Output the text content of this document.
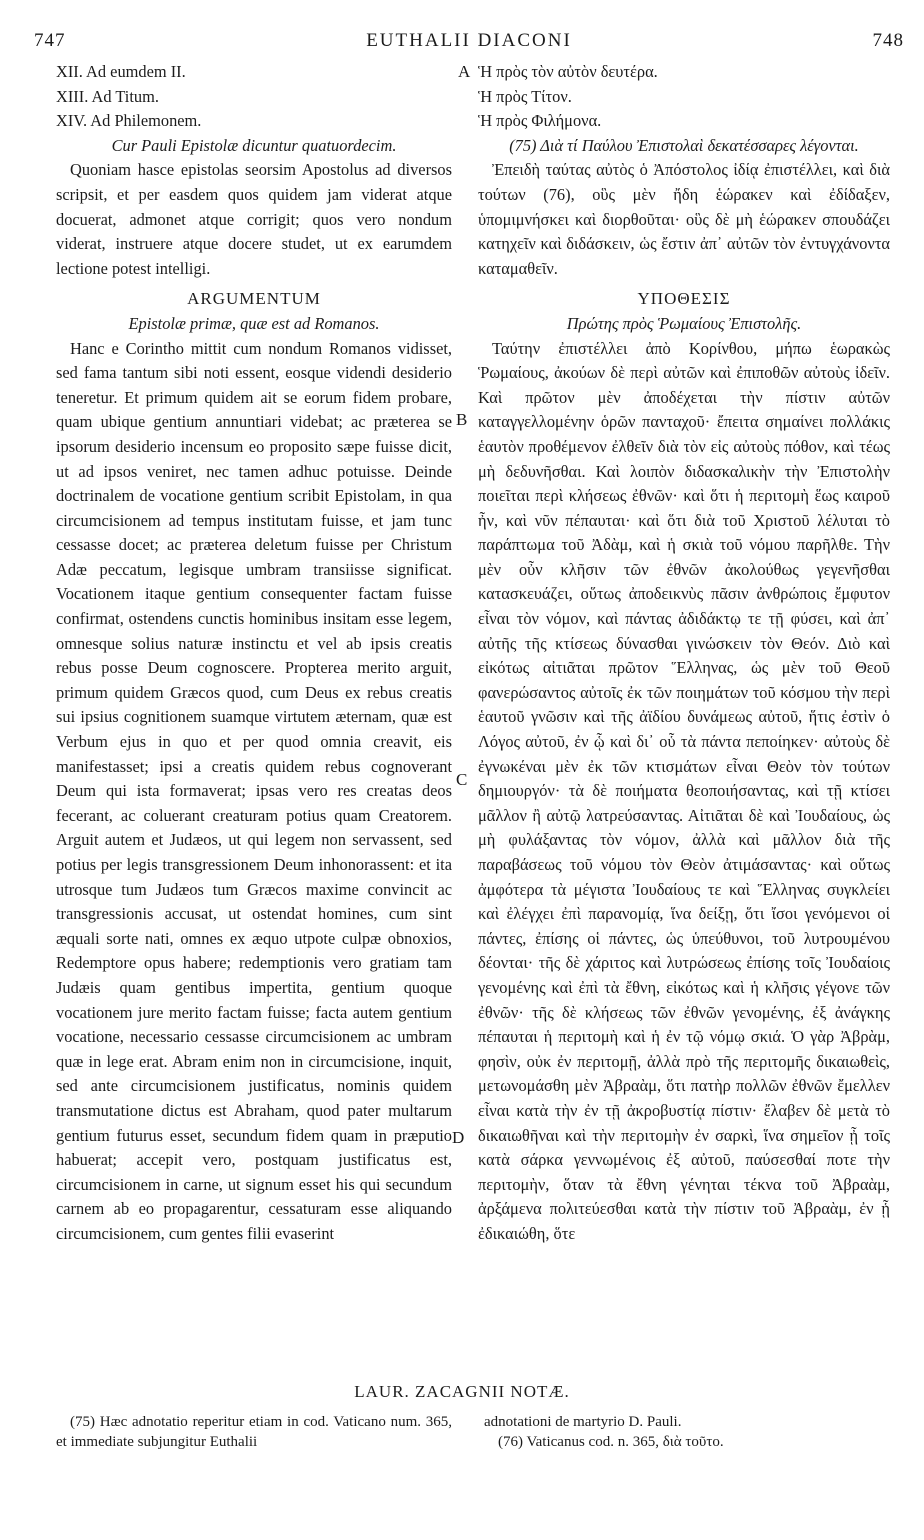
747	EUTHALII DIACONI	748
A
B
C
D
XII. Ad eumdem II.
XIII. Ad Titum.
XIV. Ad Philemonem.

Cur Pauli Epistolæ dicuntur quatuordecim.

Quoniam hasce epistolas seorsim Apostolus ad diversos scripsit, et per easdem quos quidem jam viderat atque docuerat, admonet atque corrigit; quos vero nondum viderat, instruere atque docere studet, ut ex earumdem lectione potest intelligi.

ARGUMENTUM

Epistolæ primæ, quæ est ad Romanos.

Hanc e Corintho mittit cum nondum Romanos vidisset, sed fama tantum sibi noti essent, eosque videndi desiderio teneretur. Et primum quidem ait se eorum fidem probare, quam ubique gentium annuntiari videbat; ac præterea se ipsorum desiderio incensum eo proposito sæpe fuisse dicit, ut ad ipsos veniret, nec tamen adhuc potuisse. Deinde doctrinalem de vocatione gentium scribit Epistolam, in qua circumcisionem ad tempus institutam fuisse, et jam tunc cessasse docet; ac præterea deletum fuisse per Christum Adæ peccatum, legisque umbram transiisse significat. Vocationem itaque gentium consequenter factam fuisse confirmat, ostendens cunctis hominibus insitam esse legem, omnesque solius naturæ instinctu et vel ab ipsis creatis rebus posse Deum cognoscere. Propterea merito arguit, primum quidem Græcos quod, cum Deus ex rebus creatis sui ipsius cognitionem suamque virtutem æternam, quæ est Verbum ejus in quo et per quod omnia creavit, eis manifestasset; ipsi a creatis quidem rebus cognoverant Deum qui ista formaverat; ipsas vero res creatas deos fecerant, ac coluerant creaturam potius quam Creatorem. Arguit autem et Judæos, ut qui legem non servassent, sed potius per legis transgressionem Deum inhonorassent: et ita utrosque tum Judæos tum Græcos maxime convincit ac transgressionis accusat, ut ostendat homines, cum sint æquali sorte nati, omnes ex æquo utpote culpæ obnoxios, Redemptore opus habere; redemptionis vero gratiam tam Judæis quam gentibus impertita, gentium quoque vocationem jure merito factam fuisse; facta autem gentium vocatione, necessario cessasse circumcisionem ac umbram quæ in lege erat. Abram enim non in circumcisione, inquit, sed ante circumcisionem justificatus, nominis quidem transmutatione dictus est Abraham, quod pater multarum gentium futurus esset, secundum fidem quam in præputio habuerat; accepit vero, postquam justificatus est, circumcisionem in carne, ut signum esset his qui secundum carnem ab eo propagarentur, cessaturam esse aliquando circumcisionem, cum gentes filii evaserint

Ἡ πρὸς τὸν αὐτὸν δευτέρα.
Ἡ πρὸς Τίτον.
Ἡ πρὸς Φιλήμονα.

(75) Διὰ τί Παύλου Ἐπιστολαὶ δεκατέσσαρες λέγονται.

Ἐπειδὴ ταύτας αὐτὸς ὁ Ἀπόστολος ἰδίᾳ ἐπιστέλλει, καὶ διὰ τούτων (76), οὓς μὲν ἤδη ἑώρακεν καὶ ἐδίδαξεν, ὑπομιμνήσκει καὶ διορθοῦται· οὓς δὲ μὴ ἑώρακεν σπουδάζει κατηχεῖν καὶ διδάσκειν, ὡς ἔστιν ἀπ᾿ αὐτῶν τὸν ἐντυγχάνοντα καταμαθεῖν.

ΥΠΟΘΕΣΙΣ

Πρώτης πρὸς Ῥωμαίους Ἐπιστολῆς.

Ταύτην ἐπιστέλλει ἀπὸ Κορίνθου, μήπω ἑωρακὼς Ῥωμαίους, ἀκούων δὲ περὶ αὐτῶν καὶ ἐπιποθῶν αὐτοὺς ἰδεῖν. Καὶ πρῶτον μὲν ἀποδέχεται τὴν πίστιν αὐτῶν καταγγελλομένην ὁρῶν πανταχοῦ· ἔπειτα σημαίνει πολλάκις ἑαυτὸν προθέμενον ἐλθεῖν διὰ τὸν εἰς αὐτοὺς πόθον, καὶ τέως μὴ δεδυνῆσθαι. Καὶ λοιπὸν διδασκαλικὴν τὴν Ἐπιστολὴν ποιεῖται περὶ κλήσεως ἐθνῶν· καὶ ὅτι ἡ περιτομὴ ἕως καιροῦ ἦν, καὶ νῦν πέπαυται· καὶ ὅτι διὰ τοῦ Χριστοῦ λέλυται τὸ παράπτωμα τοῦ Ἀδὰμ, καὶ ἡ σκιὰ τοῦ νόμου παρῆλθε. Τὴν μὲν οὖν κλῆσιν τῶν ἐθνῶν ἀκολούθως γεγενῆσθαι κατασκευάζει, οὕτως ἀποδεικνὺς πᾶσιν ἀνθρώποις ἔμφυτον εἶναι τὸν νόμον, καὶ πάντας ἀδιδάκτῳ τε τῇ φύσει, καὶ ἀπ᾿ αὐτῆς τῆς κτίσεως δύνασθαι γινώσκειν τὸν Θεόν. Διὸ καὶ εἰκότως αἰτιᾶται πρῶτον Ἕλληνας, ὡς μὲν τοῦ Θεοῦ φανερώσαντος αὐτοῖς ἐκ τῶν ποιημάτων τοῦ κόσμου τὴν περὶ ἑαυτοῦ γνῶσιν καὶ τῆς ἀϊδίου δυνάμεως αὐτοῦ, ἥτις ἐστὶν ὁ Λόγος αὐτοῦ, ἐν ᾧ καὶ δι᾿ οὗ τὰ πάντα πεποίηκεν· αὐτοὺς δὲ ἐγνωκέναι μὲν ἐκ τῶν κτισμάτων εἶναι Θεὸν τὸν τούτων δημιουργόν· τὰ δὲ ποιήματα θεοποιήσαντας, καὶ τῇ κτίσει μᾶλλον ἢ αὐτῷ λατρεύσαντας. Αἰτιᾶται δὲ καὶ Ἰουδαίους, ὡς μὴ φυλάξαντας τὸν νόμον, ἀλλὰ καὶ μᾶλλον διὰ τῆς παραβάσεως τοῦ νόμου τὸν Θεὸν ἀτιμάσαντας· καὶ οὕτως ἀμφότερα τὰ μέγιστα Ἰουδαίους τε καὶ Ἕλληνας συγκλείει καὶ ἐλέγχει ἐπὶ παρανομίᾳ, ἵνα δείξῃ, ὅτι ἴσοι γενόμενοι οἱ πάντες, ἐπίσης οἱ πάντες, ὡς ὑπεύθυνοι, τοῦ λυτρουμένου δέονται· τῆς δὲ χάριτος καὶ λυτρώσεως ἐπίσης τοῖς Ἰουδαίοις γενομένης καὶ ἐπὶ τὰ ἔθνη, εἰκότως καὶ ἡ κλῆσις γέγονε τῶν ἐθνῶν· τῆς δὲ κλήσεως τῶν ἐθνῶν γενομένης, ἐξ ἀνάγκης πέπαυται ἡ περιτομὴ καὶ ἡ ἐν τῷ νόμῳ σκιά. Ὁ γὰρ Ἀβρὰμ, φησὶν, οὐκ ἐν περιτομῇ, ἀλλὰ πρὸ τῆς περιτομῆς δικαιωθεὶς, μετωνομάσθη μὲν Ἀβραὰμ, ὅτι πατὴρ πολλῶν ἐθνῶν ἔμελλεν εἶναι κατὰ τὴν ἐν τῇ ἀκροβυστίᾳ πίστιν· ἔλαβεν δὲ μετὰ τὸ δικαιωθῆναι καὶ τὴν περιτομὴν ἐν σαρκὶ, ἵνα σημεῖον ᾖ τοῖς κατὰ σάρκα γεννωμένοις ἐξ αὐτοῦ, παύσεσθαί ποτε τὴν περιτομὴν, ὅταν τὰ ἔθνη γένηται τέκνα τοῦ Ἀβραὰμ, ἀρξάμενα πολιτεύεσθαι κατὰ τὴν πίστιν τοῦ Ἀβραὰμ, ἐν ᾗ ἐδικαιώθη, ὅτε

LAUR. ZACAGNII NOTÆ.
(75) Hæc adnotatio reperitur etiam in cod. Vaticano num. 365, et immediate subjungitur Euthalii
adnotationi de martyrio D. Pauli.
(76) Vaticanus cod. n. 365, διὰ τοῦτο.
